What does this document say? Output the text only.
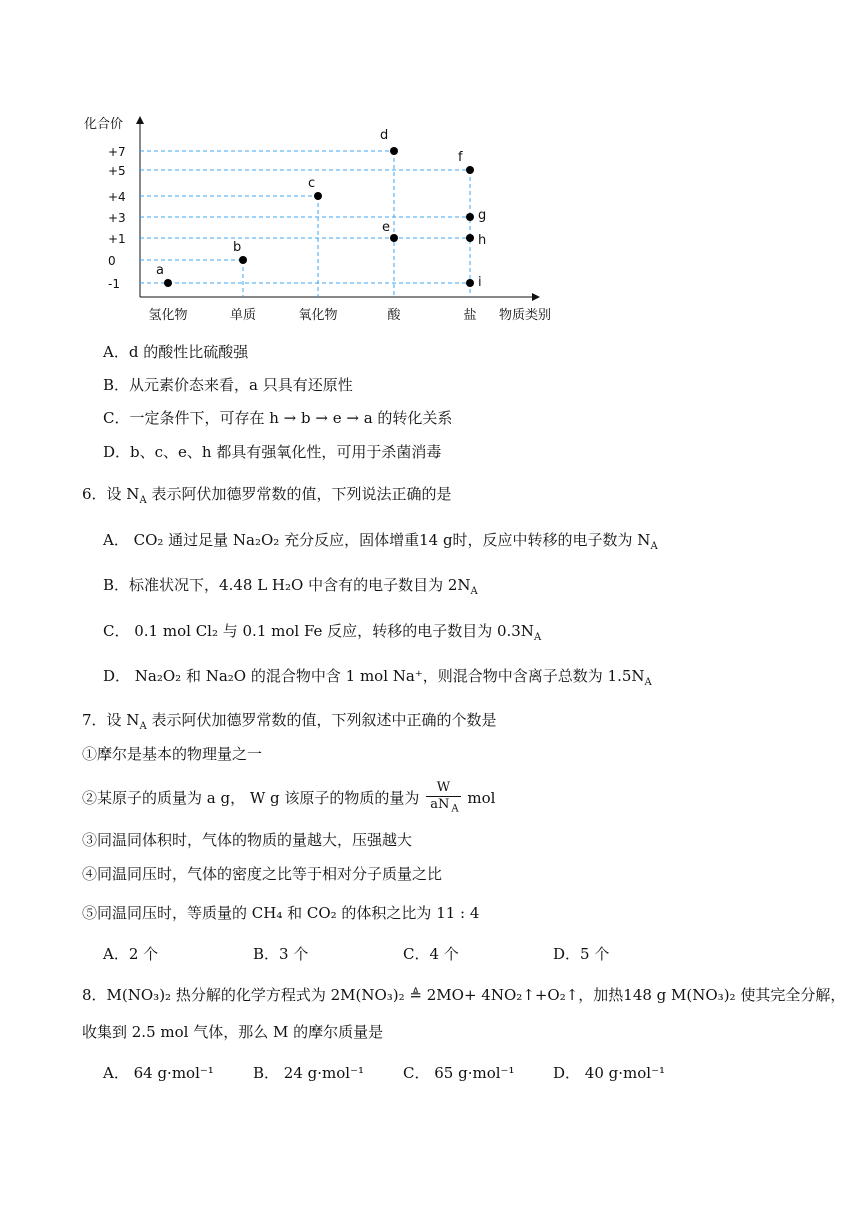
化合价
物质类别
+7
+5
+4
+3
+1
0
-1
氢化物	单质	氧化物	酸	盐
a
b
c
d
e
f
g
h
i
A．d 的酸性比硫酸强
B．从元素价态来看，a 只具有还原性
C．一定条件下，可存在 h → b → e → a 的转化关系
D．b、c、e、h 都具有强氧化性，可用于杀菌消毒
6．设 $N_A$ 表示阿伏加德罗常数的值，下列说法正确的是
A． CO₂ 通过足量 Na₂O₂ 充分反应，固体增重14 g时，反应中转移的电子数为 $N_A$
B．标准状况下，4.48 L H₂O 中含有的电子数目为 $2N_A$
C． 0.1 mol Cl₂ 与 0.1 mol Fe 反应，转移的电子数目为 $0.3N_A$
D． Na₂O₂ 和 Na₂O 的混合物中含 1 mol Na⁺，则混合物中含离子总数为 $1.5N_A$
7．设 $N_A$ 表示阿伏加德罗常数的值，下列叙述中正确的个数是
①摩尔是基本的物理量之一
②某原子的质量为 a g， W g 该原子的物质的量为 $\frac{W}{aN _A}$ mol
③同温同体积时，气体的物质的量越大，压强越大
④同温同压时，气体的密度之比等于相对分子质量之比
⑤同温同压时，等质量的 CH₄ 和 CO₂ 的体积之比为 11 : 4
A．2 个	B．3 个	C．4 个	D．5 个
8．M(NO₃)₂ 热分解的化学方程式为 2M(NO₃)₂ ≜ 2MO+ 4NO₂↑+O₂↑，加热148 g M(NO₃)₂ 使其完全分解，
收集到 2.5 mol 气体，那么 M 的摩尔质量是
A． 64 g·mol⁻¹	B． 24 g·mol⁻¹	C． 65 g·mol⁻¹	D． 40 g·mol⁻¹
